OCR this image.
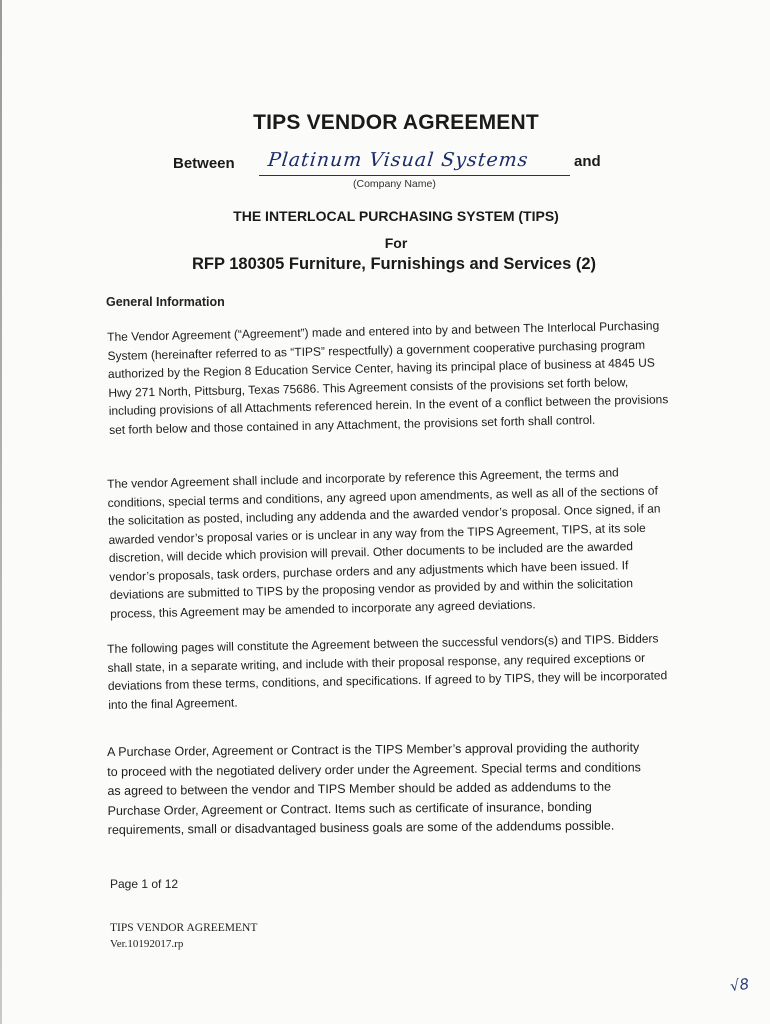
TIPS VENDOR AGREEMENT
Between Platinum Visual Systems	and
(Company Name)
THE INTERLOCAL PURCHASING SYSTEM (TIPS)
For
RFP 180305 Furniture, Furnishings and Services (2)
General Information

The Vendor Agreement (“Agreement”) made and entered into by and between The Interlocal Purchasing System (hereinafter referred to as “TIPS” respectfully) a government cooperative purchasing program authorized by the Region 8 Education Service Center, having its principal place of business at 4845 US Hwy 271 North, Pittsburg, Texas 75686. This Agreement consists of the provisions set forth below, including provisions of all Attachments referenced herein. In the event of a conflict between the provisions set forth below and those contained in any Attachment, the provisions set forth shall control.

The vendor Agreement shall include and incorporate by reference this Agreement, the terms and conditions, special terms and conditions, any agreed upon amendments, as well as all of the sections of the solicitation as posted, including any addenda and the awarded vendor’s proposal. Once signed, if an awarded vendor’s proposal varies or is unclear in any way from the TIPS Agreement, TIPS, at its sole discretion, will decide which provision will prevail. Other documents to be included are the awarded vendor’s proposals, task orders, purchase orders and any adjustments which have been issued. If deviations are submitted to TIPS by the proposing vendor as provided by and within the solicitation process, this Agreement may be amended to incorporate any agreed deviations.

The following pages will constitute the Agreement between the successful vendors(s) and TIPS. Bidders shall state, in a separate writing, and include with their proposal response, any required exceptions or deviations from these terms, conditions, and specifications. If agreed to by TIPS, they will be incorporated into the final Agreement.

A Purchase Order, Agreement or Contract is the TIPS Member’s approval providing the authority to proceed with the negotiated delivery order under the Agreement. Special terms and conditions as agreed to between the vendor and TIPS Member should be added as addendums to the Purchase Order, Agreement or Contract. Items such as certificate of insurance, bonding requirements, small or disadvantaged business goals are some of the addendums possible.

Page 1 of 12
TIPS VENDOR AGREEMENT
Ver.10192017.rp
√8
